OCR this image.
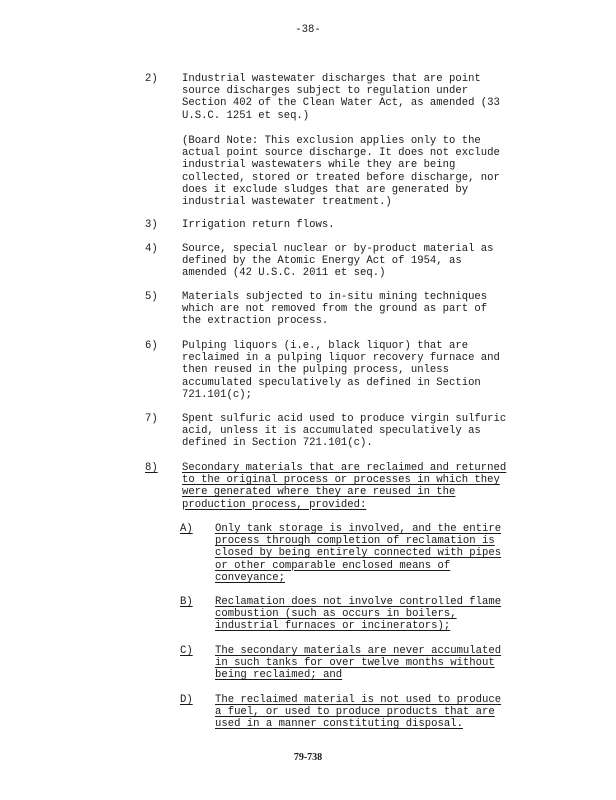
-38-
2) Industrial wastewater discharges that are point
source discharges subject to regulation under
Section 402 of the Clean Water Act, as amended (33
U.S.C. 1251 et seq.)
(Board Note: This exclusion applies only to the
actual point source discharge. It does not exclude
industrial wastewaters while they are being
collected, stored or treated before discharge, nor
does it exclude sludges that are generated by
industrial wastewater treatment.)
3) Irrigation return flows.
4) Source, special nuclear or by-product material as
defined by the Atomic Energy Act of 1954, as
amended (42 U.S.C. 2011 et seq.)
5) Materials subjected to in-situ mining techniques
which are not removed from the ground as part of
the extraction process.
6) Pulping liquors (i.e., black liquor) that are
reclaimed in a pulping liquor recovery furnace and
then reused in the pulping process, unless
accumulated speculatively as defined in Section
721.101(c);
7) Spent sulfuric acid used to produce virgin sulfuric
acid, unless it is accumulated speculatively as
defined in Section 721.101(c).
8) Secondary materials that are reclaimed and returned
to the original process or processes in which they
were generated where they are reused in the
production process, provided:
A) Only tank storage is involved, and the entire
process through completion of reclamation is
closed by being entirely connected with pipes
or other comparable enclosed means of
conveyance;
B) Reclamation does not involve controlled flame
combustion (such as occurs in boilers,
industrial furnaces or incinerators);
C) The secondary materials are never accumulated
in such tanks for over twelve months without
being reclaimed; and
D) The reclaimed material is not used to produce
a fuel, or used to produce products that are
used in a manner constituting disposal.
79-738
